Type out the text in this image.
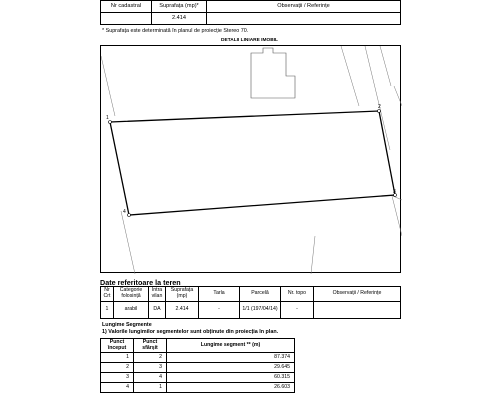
Nr cadastral	Suprafața (mp)*	Observații / Referințe
	2.414	
* Suprafața este determinată în planul de proiecție Stereo 70.
DETALII LINIARE IMOBIL
1
2
3
4
Date referitoare la teren
Nr Crt	Categorie folosință	Intra vilan	Suprafața (mp)	Tarla	Parcelă	Nr. topo	Observații / Referințe
1	arabil	DA	2.414	-	1/1 (197/04/14)	-	
Lungime Segmente
1) Valorile lungimilor segmentelor sunt obținute din proiecția în plan.
Punct început	Punct sfârșit	Lungime segment ** (m)
1	2	87.374
2	3	29.645
3	4	60.315
4	1	26.603
